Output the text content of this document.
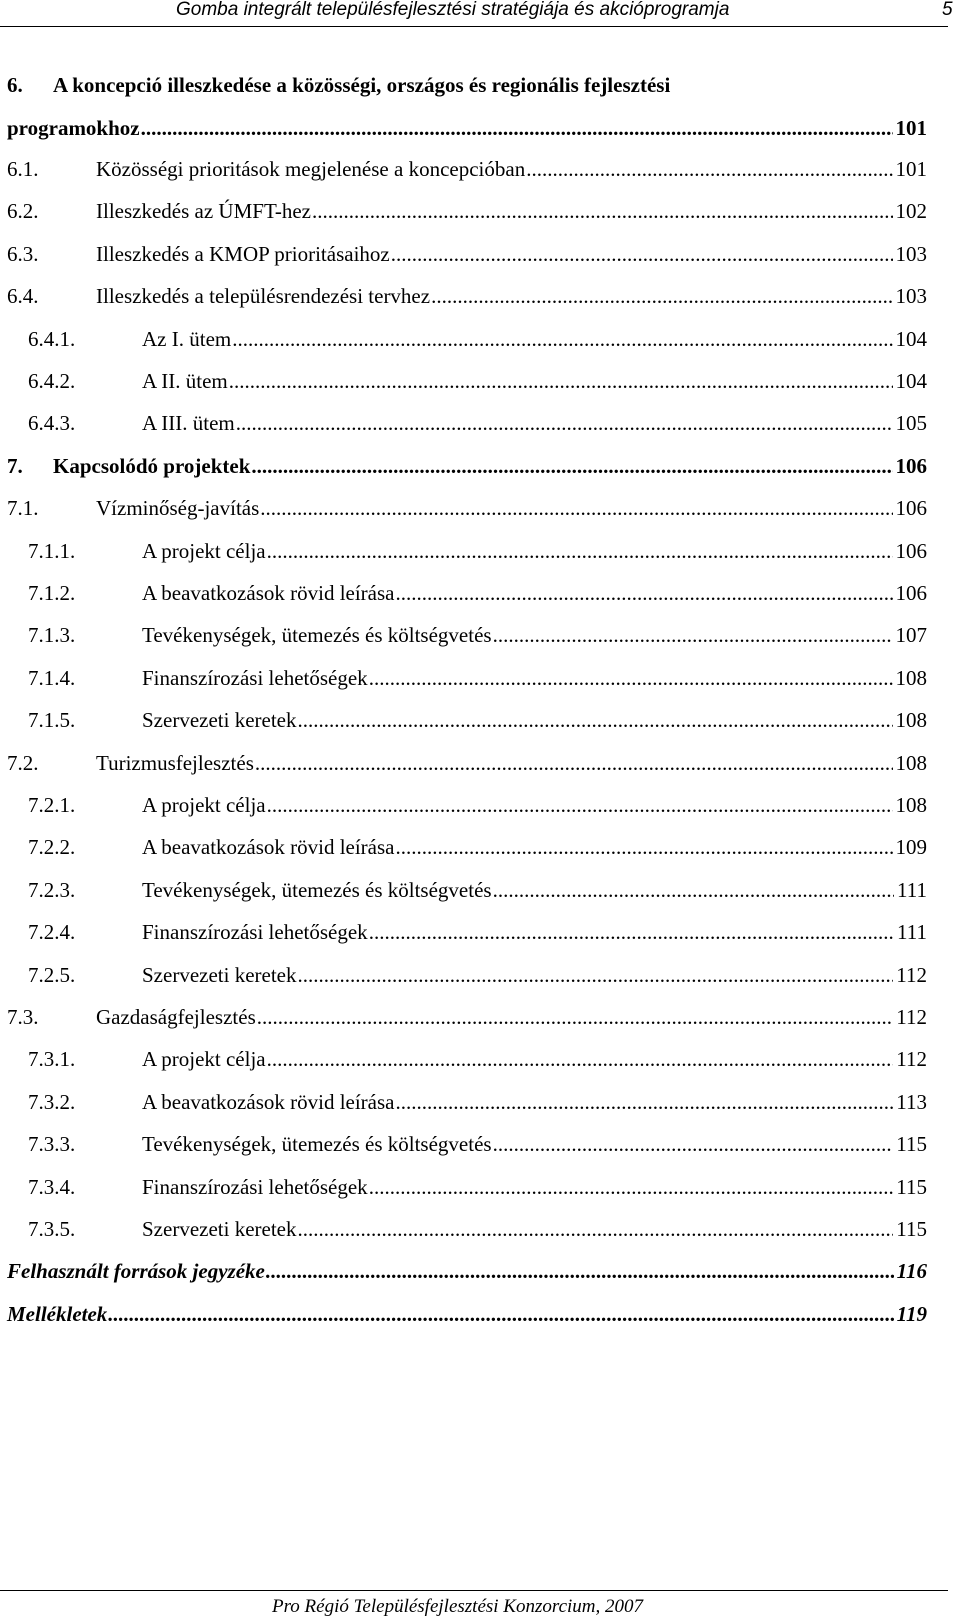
Gomba integrált településfejlesztési stratégiája és akcióprogramja	5
6. A koncepció illeszkedése a közösségi, országos és regionális fejlesztési
programokhoz .....	101
6.1.	Közösségi prioritások megjelenése a koncepcióban .....	101
6.2.	Illeszkedés az ÚMFT-hez .....	102
6.3.	Illeszkedés a KMOP prioritásaihoz .....	103
6.4.	Illeszkedés a településrendezési tervhez .....	103
6.4.1.	Az I. ütem .....	104
6.4.2.	A II. ütem .....	104
6.4.3.	A III. ütem .....	105
7. Kapcsolódó projektek .....	106
7.1.	Vízminőség-javítás .....	106
7.1.1.	A projekt célja .....	106
7.1.2.	A beavatkozások rövid leírása .....	106
7.1.3.	Tevékenységek, ütemezés és költségvetés .....	107
7.1.4.	Finanszírozási lehetőségek .....	108
7.1.5.	Szervezeti keretek .....	108
7.2.	Turizmusfejlesztés .....	108
7.2.1.	A projekt célja .....	108
7.2.2.	A beavatkozások rövid leírása .....	109
7.2.3.	Tevékenységek, ütemezés és költségvetés .....	111
7.2.4.	Finanszírozási lehetőségek .....	111
7.2.5.	Szervezeti keretek .....	112
7.3.	Gazdaságfejlesztés .....	112
7.3.1.	A projekt célja .....	112
7.3.2.	A beavatkozások rövid leírása .....	113
7.3.3.	Tevékenységek, ütemezés és költségvetés .....	115
7.3.4.	Finanszírozási lehetőségek .....	115
7.3.5.	Szervezeti keretek .....	115
Felhasznált források jegyzéke .....	116
Mellékletek .....	119
Pro Régió Településfejlesztési Konzorcium, 2007
